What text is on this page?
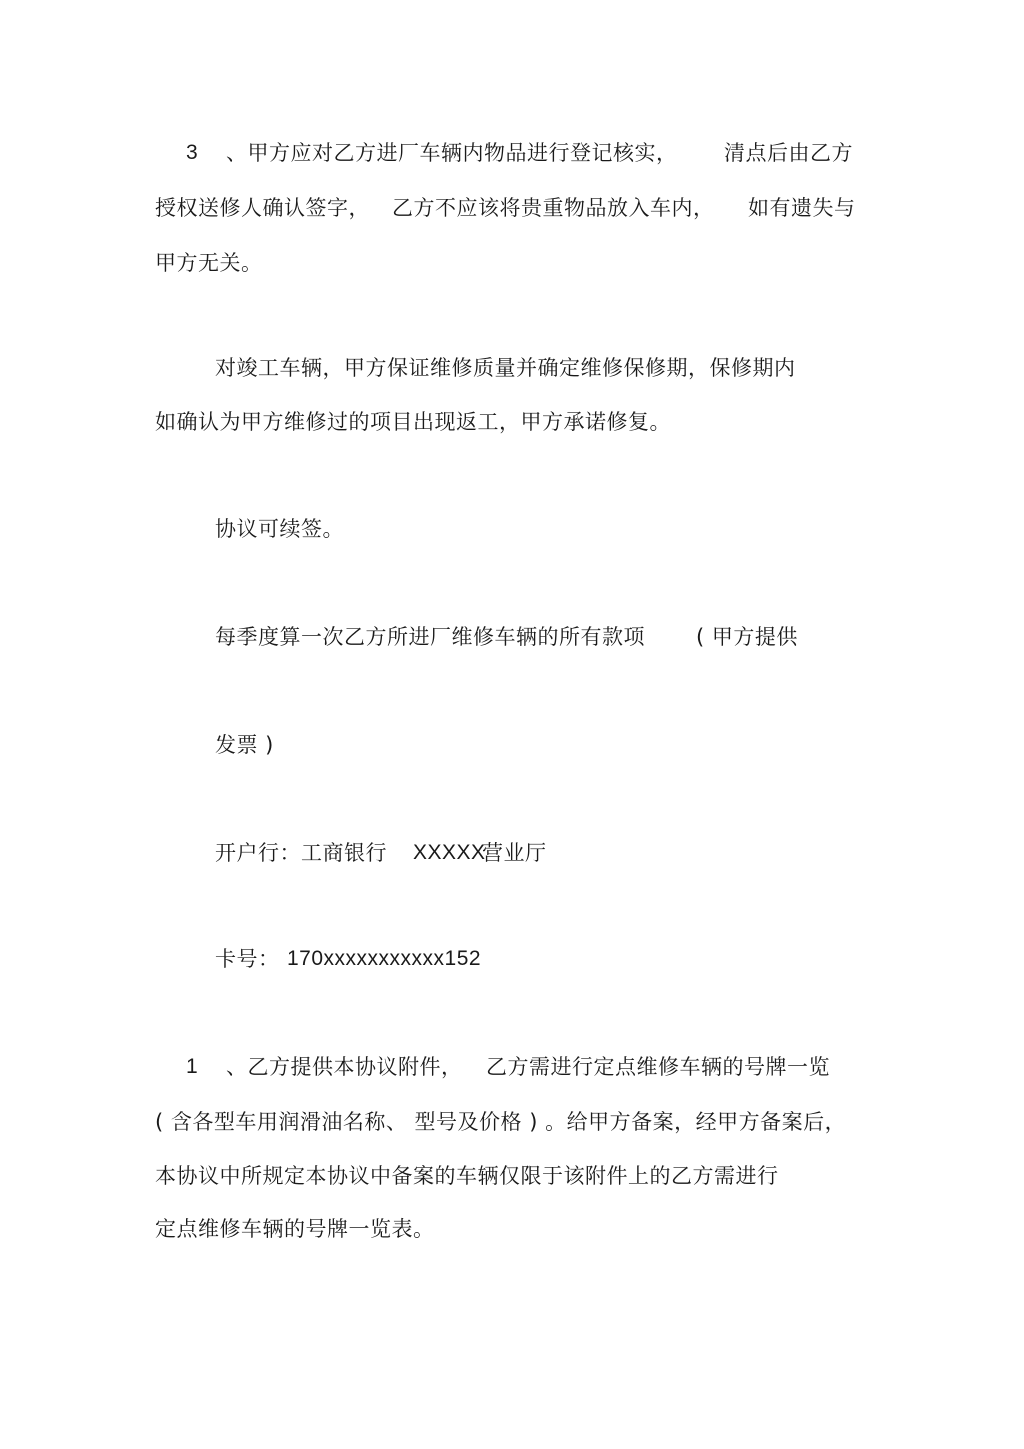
3 、甲方应对乙方进厂车辆内物品进行登记核实， 清点后由乙方
授权送修人确认签字， 乙方不应该将贵重物品放入车内， 如有遗失与
甲方无关。
对竣工车辆，甲方保证维修质量并确定维修保修期，保修期内
如确认为甲方维修过的项目出现返工，甲方承诺修复。
协议可续签。
每季度算一次乙方所进厂维修车辆的所有款项 ( 甲方提供
发票 )
开户行：工商银行 XXXXX
营业厅
卡号： 170xxxxxxxxxxx152
1 、乙方提供本协议附件， 乙方需进行定点维修车辆的号牌一览
( 含各型车用润滑油名称、 型号及价格 ) 。给甲方备案，经甲方备案后，
本协议中所规定本协议中备案的车辆仅限于该附件上的乙方需进行
定点维修车辆的号牌一览表。
